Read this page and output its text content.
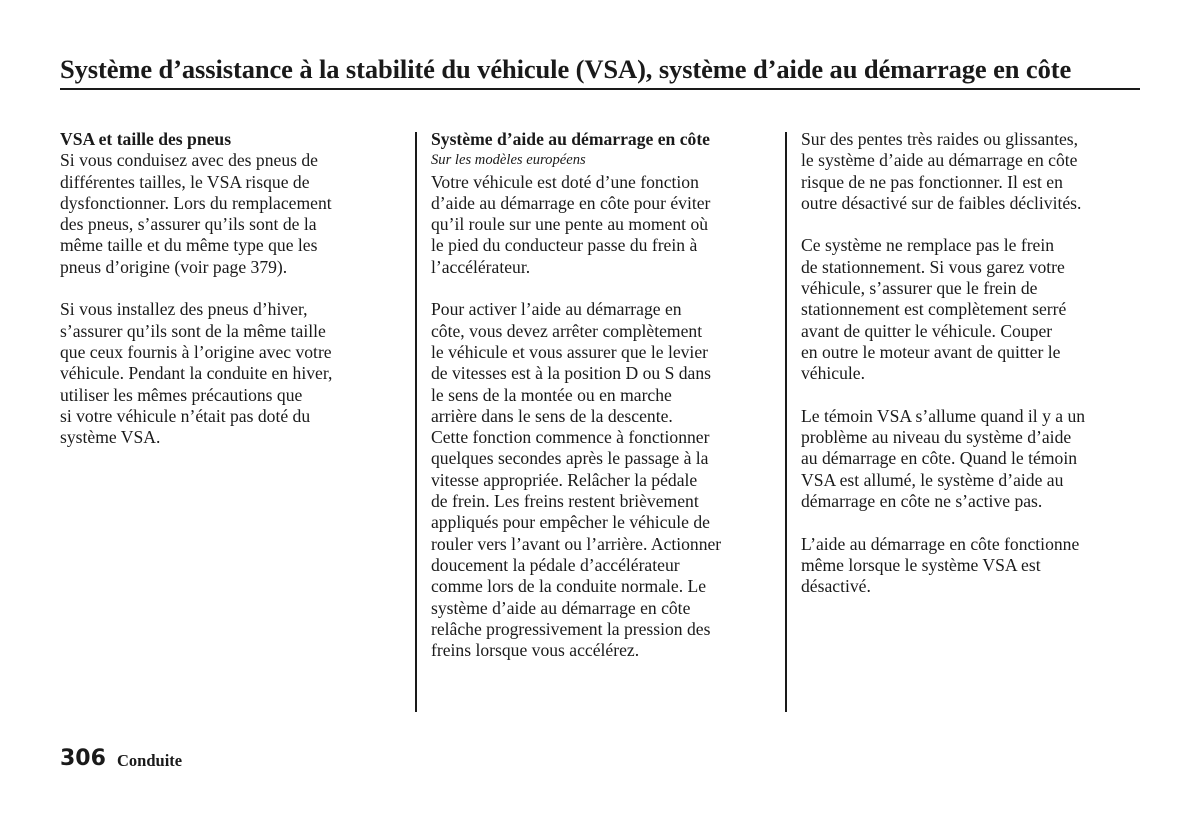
Système d’assistance à la stabilité du véhicule (VSA), système d’aide au démarrage en côte
VSA et taille des pneus
Si vous conduisez avec des pneus de
différentes tailles, le VSA risque de
dysfonctionner. Lors du remplacement
des pneus, s’assurer qu’ils sont de la
même taille et du même type que les
pneus d’origine (voir page 379).
Si vous installez des pneus d’hiver,
s’assurer qu’ils sont de la même taille
que ceux fournis à l’origine avec votre
véhicule. Pendant la conduite en hiver,
utiliser les mêmes précautions que
si votre véhicule n’était pas doté du
système VSA.
Système d’aide au démarrage en côte
Sur les modèles européens
Votre véhicule est doté d’une fonction
d’aide au démarrage en côte pour éviter
qu’il roule sur une pente au moment où
le pied du conducteur passe du frein à
l’accélérateur.
Pour activer l’aide au démarrage en
côte, vous devez arrêter complètement
le véhicule et vous assurer que le levier
de vitesses est à la position D ou S dans
le sens de la montée ou en marche
arrière dans le sens de la descente.
Cette fonction commence à fonctionner
quelques secondes après le passage à la
vitesse appropriée. Relâcher la pédale
de frein. Les freins restent brièvement
appliqués pour empêcher le véhicule de
rouler vers l’avant ou l’arrière. Actionner
doucement la pédale d’accélérateur
comme lors de la conduite normale. Le
système d’aide au démarrage en côte
relâche progressivement la pression des
freins lorsque vous accélérez.
Sur des pentes très raides ou glissantes,
le système d’aide au démarrage en côte
risque de ne pas fonctionner. Il est en
outre désactivé sur de faibles déclivités.
Ce système ne remplace pas le frein
de stationnement. Si vous garez votre
véhicule, s’assurer que le frein de
stationnement est complètement serré
avant de quitter le véhicule. Couper
en outre le moteur avant de quitter le
véhicule.
Le témoin VSA s’allume quand il y a un
problème au niveau du système d’aide
au démarrage en côte. Quand le témoin
VSA est allumé, le système d’aide au
démarrage en côte ne s’active pas.
L’aide au démarrage en côte fonctionne
même lorsque le système VSA est
désactivé.
306 Conduite
